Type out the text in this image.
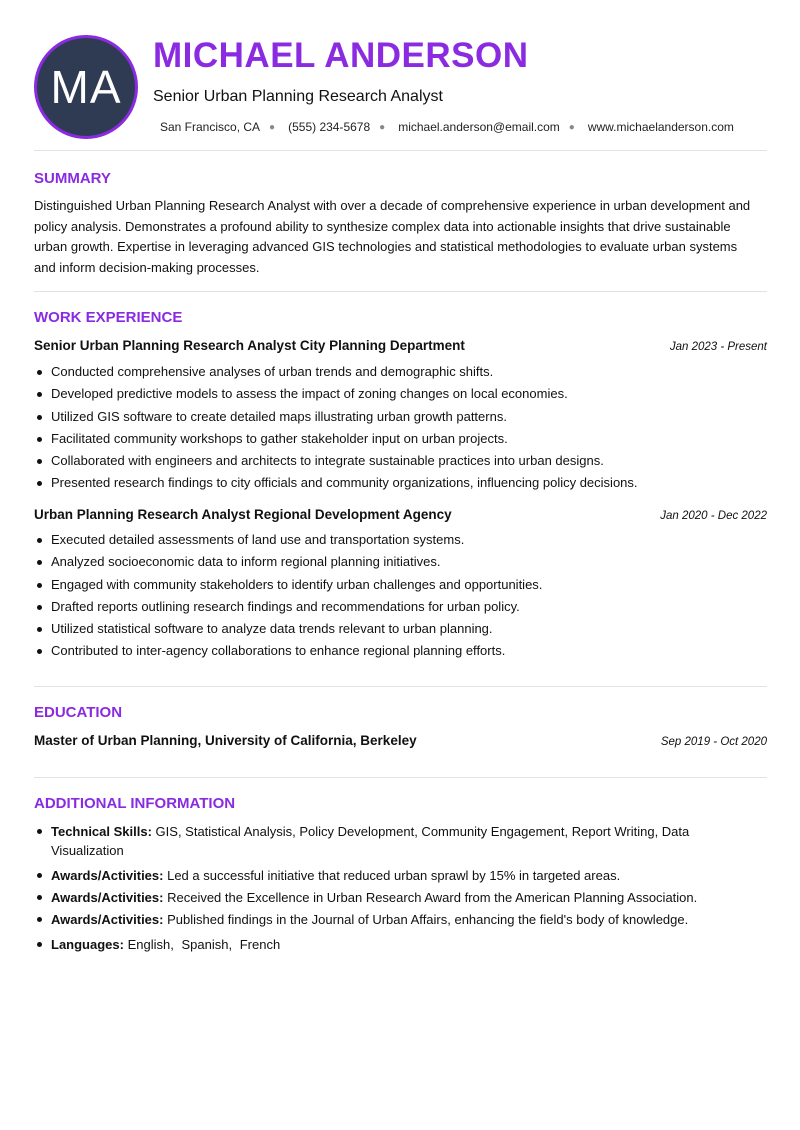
MA
MICHAEL ANDERSON
Senior Urban Planning Research Analyst
San Francisco, CA ● (555) 234-5678 ● michael.anderson@email.com ● www.michaelanderson.com
SUMMARY

Distinguished Urban Planning Research Analyst with over a decade of comprehensive experience in urban development and policy analysis. Demonstrates a profound ability to synthesize complex data into actionable insights that drive sustainable urban growth. Expertise in leveraging advanced GIS technologies and statistical methodologies to evaluate urban systems and inform decision-making processes.

WORK EXPERIENCE
Senior Urban Planning Research Analyst City Planning Department	Jan 2023 - Present
Conducted comprehensive analyses of urban trends and demographic shifts.
Developed predictive models to assess the impact of zoning changes on local economies.
Utilized GIS software to create detailed maps illustrating urban growth patterns.
Facilitated community workshops to gather stakeholder input on urban projects.
Collaborated with engineers and architects to integrate sustainable practices into urban designs.
Presented research findings to city officials and community organizations, influencing policy decisions.
Urban Planning Research Analyst Regional Development Agency	Jan 2020 - Dec 2022
Executed detailed assessments of land use and transportation systems.
Analyzed socioeconomic data to inform regional planning initiatives.
Engaged with community stakeholders to identify urban challenges and opportunities.
Drafted reports outlining research findings and recommendations for urban policy.
Utilized statistical software to analyze data trends relevant to urban planning.
Contributed to inter-agency collaborations to enhance regional planning efforts.
EDUCATION
Master of Urban Planning, University of California, Berkeley	Sep 2019 - Oct 2020
ADDITIONAL INFORMATION
Technical Skills: GIS, Statistical Analysis, Policy Development, Community Engagement, Report Writing, Data Visualization
Awards/Activities: Led a successful initiative that reduced urban sprawl by 15% in targeted areas.
Awards/Activities: Received the Excellence in Urban Research Award from the American Planning Association.
Awards/Activities: Published findings in the Journal of Urban Affairs, enhancing the field's body of knowledge.
Languages: English, Spanish, French
